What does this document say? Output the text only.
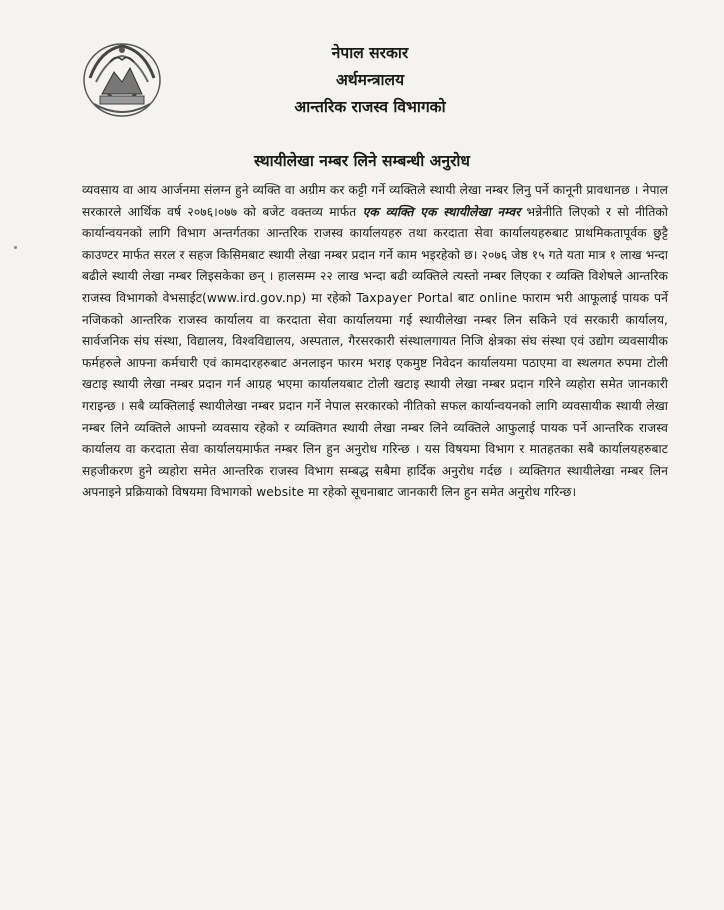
नेपाल सरकार
अर्थमन्त्रालय
आन्तरिक राजस्व विभागको
स्थायीलेखा नम्बर लिने सम्बन्धी अनुरोध

व्यवसाय वा आय आर्जनमा संलग्न हुने व्यक्ति वा अग्रीम कर कट्टी गर्ने व्यक्तिले स्थायी लेखा नम्बर लिनु पर्ने कानूनी प्रावधानछ । नेपाल सरकारले आर्थिक वर्ष २०७६।०७७ को बजेट वक्तव्य मार्फत एक व्यक्ति एक स्थायीलेखा नम्वर भन्नेनीति लिएको र सो नीतिको कार्यान्वयनको लागि विभाग अन्तर्गतका आन्तरिक राजस्व कार्यालयहरु तथा करदाता सेवा कार्यालयहरुबाट प्राथमिकतापूर्वक छुट्टै काउण्टर मार्फत सरल र सहज किसिमबाट स्थायी लेखा नम्बर प्रदान गर्ने काम भइरहेको छ। २०७६ जेष्ठ १५ गते यता मात्र १ लाख भन्दा बढीले स्थायी लेखा नम्बर लिइसकेका छन् । हालसम्म २२ लाख भन्दा बढी व्यक्तिले त्यस्तो नम्बर लिएका र व्यक्ति विशेषले आन्तरिक राजस्व विभागको वेभसाईट(www.ird.gov.np) मा रहेको Taxpayer Portal बाट online फाराम भरी आफूलाई पायक पर्ने नजिकको आन्तरिक राजस्व कार्यालय वा करदाता सेवा कार्यालयमा गई स्थायीलेखा नम्बर लिन सकिने एवं सरकारी कार्यालय, सार्वजनिक संघ संस्था, विद्यालय, विश्वविद्यालय, अस्पताल, गैरसरकारी संस्थालगायत निजि क्षेत्रका संघ संस्था एवं उद्योग व्यवसायीक फर्महरुले आफ्ना कर्मचारी एवं कामदारहरुबाट अनलाइन फारम भराइ एकमुष्ट निवेदन कार्यालयमा पठाएमा वा स्थलगत रुपमा टोली खटाइ स्थायी लेखा नम्बर प्रदान गर्न आग्रह भएमा कार्यालयबाट टोली खटाइ स्थायी लेखा नम्बर प्रदान गरिने व्यहोरा समेत जानकारी गराइन्छ । सबै व्यक्तिलाई स्थायीलेखा नम्बर प्रदान गर्ने नेपाल सरकारको नीतिको सफल कार्यान्वयनको लागि व्यवसायीक स्थायी लेखा नम्बर लिने व्यक्तिले आफ्नो व्यवसाय रहेको र व्यक्तिगत स्थायी लेखा नम्बर लिने व्यक्तिले आफुलाई पायक पर्ने आन्तरिक राजस्व कार्यालय वा करदाता सेवा कार्यालयमार्फत नम्बर लिन हुन अनुरोध गरिन्छ । यस विषयमा विभाग र मातहतका सबै कार्यालयहरुबाट सहजीकरण हुने व्यहोरा समेत आन्तरिक राजस्व विभाग सम्बद्ध सबैमा हार्दिक अनुरोध गर्दछ । व्यक्तिगत स्थायीलेखा नम्बर लिन अपनाइने प्रक्रियाको विषयमा विभागको website मा रहेको सूचनाबाट जानकारी लिन हुन समेत अनुरोध गरिन्छ।
